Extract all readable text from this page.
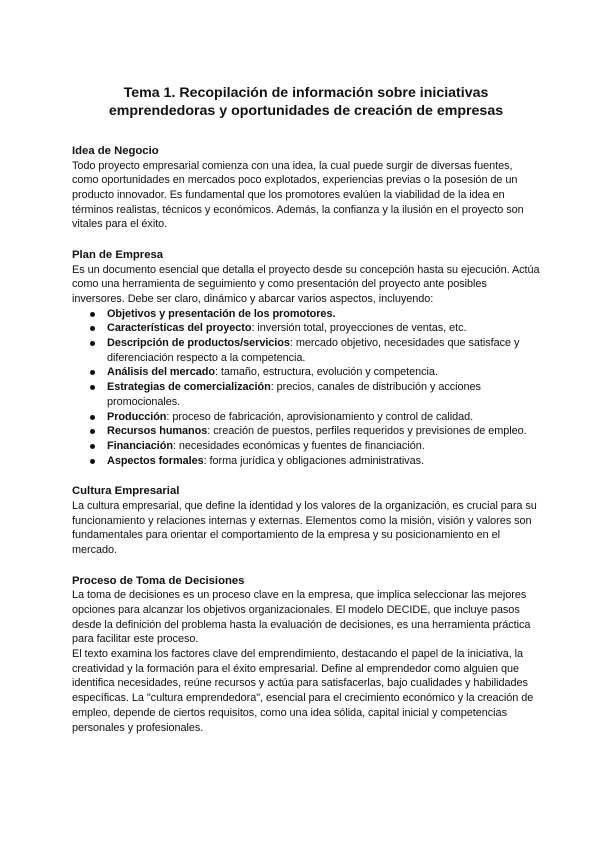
Tema 1. Recopilación de información sobre iniciativas emprendedoras y oportunidades de creación de empresas

Idea de Negocio

Todo proyecto empresarial comienza con una idea, la cual puede surgir de diversas fuentes, como oportunidades en mercados poco explotados, experiencias previas o la posesión de un producto innovador. Es fundamental que los promotores evalúen la viabilidad de la idea en términos realistas, técnicos y económicos. Además, la confianza y la ilusión en el proyecto son vitales para el éxito.

Plan de Empresa

Es un documento esencial que detalla el proyecto desde su concepción hasta su ejecución. Actúa como una herramienta de seguimiento y como presentación del proyecto ante posibles inversores. Debe ser claro, dinámico y abarcar varios aspectos, incluyendo:

Objetivos y presentación de los promotores.
Características del proyecto: inversión total, proyecciones de ventas, etc.
Descripción de productos/servicios: mercado objetivo, necesidades que satisface y diferenciación respecto a la competencia.
Análisis del mercado: tamaño, estructura, evolución y competencia.
Estrategias de comercialización: precios, canales de distribución y acciones promocionales.
Producción: proceso de fabricación, aprovisionamiento y control de calidad.
Recursos humanos: creación de puestos, perfiles requeridos y previsiones de empleo.
Financiación: necesidades económicas y fuentes de financiación.
Aspectos formales: forma jurídica y obligaciones administrativas.

Cultura Empresarial

La cultura empresarial, que define la identidad y los valores de la organización, es crucial para su funcionamiento y relaciones internas y externas. Elementos como la misión, visión y valores son fundamentales para orientar el comportamiento de la empresa y su posicionamiento en el mercado.

Proceso de Toma de Decisiones

La toma de decisiones es un proceso clave en la empresa, que implica seleccionar las mejores opciones para alcanzar los objetivos organizacionales. El modelo DECIDE, que incluye pasos desde la definición del problema hasta la evaluación de decisiones, es una herramienta práctica para facilitar este proceso.

El texto examina los factores clave del emprendimiento, destacando el papel de la iniciativa, la creatividad y la formación para el éxito empresarial. Define al emprendedor como alguien que identifica necesidades, reúne recursos y actúa para satisfacerlas, bajo cualidades y habilidades específicas. La "cultura emprendedora", esencial para el crecimiento económico y la creación de empleo, depende de ciertos requisitos, como una idea sólida, capital inicial y competencias personales y profesionales.
